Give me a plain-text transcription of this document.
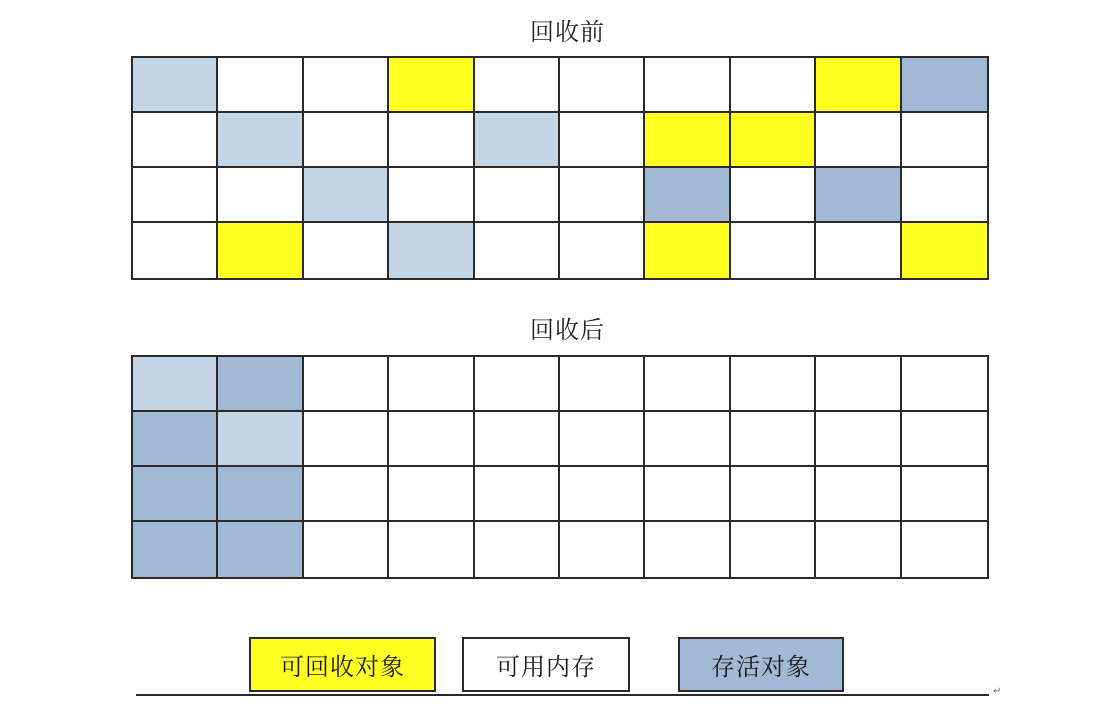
回收前
回收后
可回收对象	可用内存	存活对象
↵
